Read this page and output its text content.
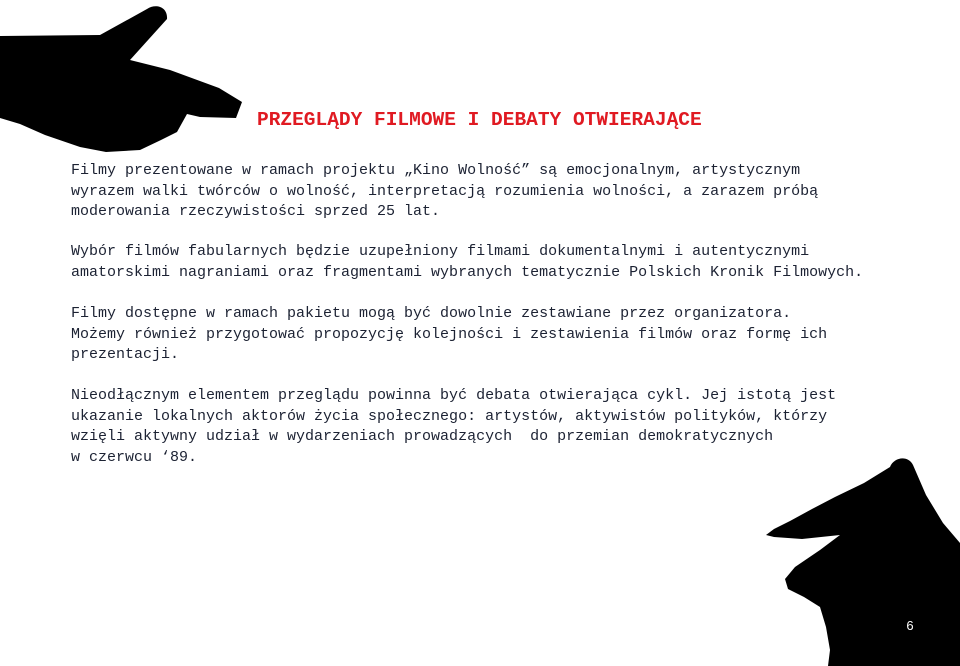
PRZEGLĄDY FILMOWE I DEBATY OTWIERAJĄCE

Filmy prezentowane w ramach projektu „Kino Wolność” są emocjonalnym, artystycznym
wyrazem walki twórców o wolność, interpretacją rozumienia wolności, a zarazem próbą
moderowania rzeczywistości sprzed 25 lat.

Wybór filmów fabularnych będzie uzupełniony filmami dokumentalnymi i autentycznymi
amatorskimi nagraniami oraz fragmentami wybranych tematycznie Polskich Kronik Filmowych.

Filmy dostępne w ramach pakietu mogą być dowolnie zestawiane przez organizatora.
Możemy również przygotować propozycję kolejności i zestawienia filmów oraz formę ich
prezentacji.

Nieodłącznym elementem przeglądu powinna być debata otwierająca cykl. Jej istotą jest
ukazanie lokalnych aktorów życia społecznego: artystów, aktywistów polityków, którzy
wzięli aktywny udział w wydarzeniach prowadzących  do przemian demokratycznych
w czerwcu ‘89.

6
